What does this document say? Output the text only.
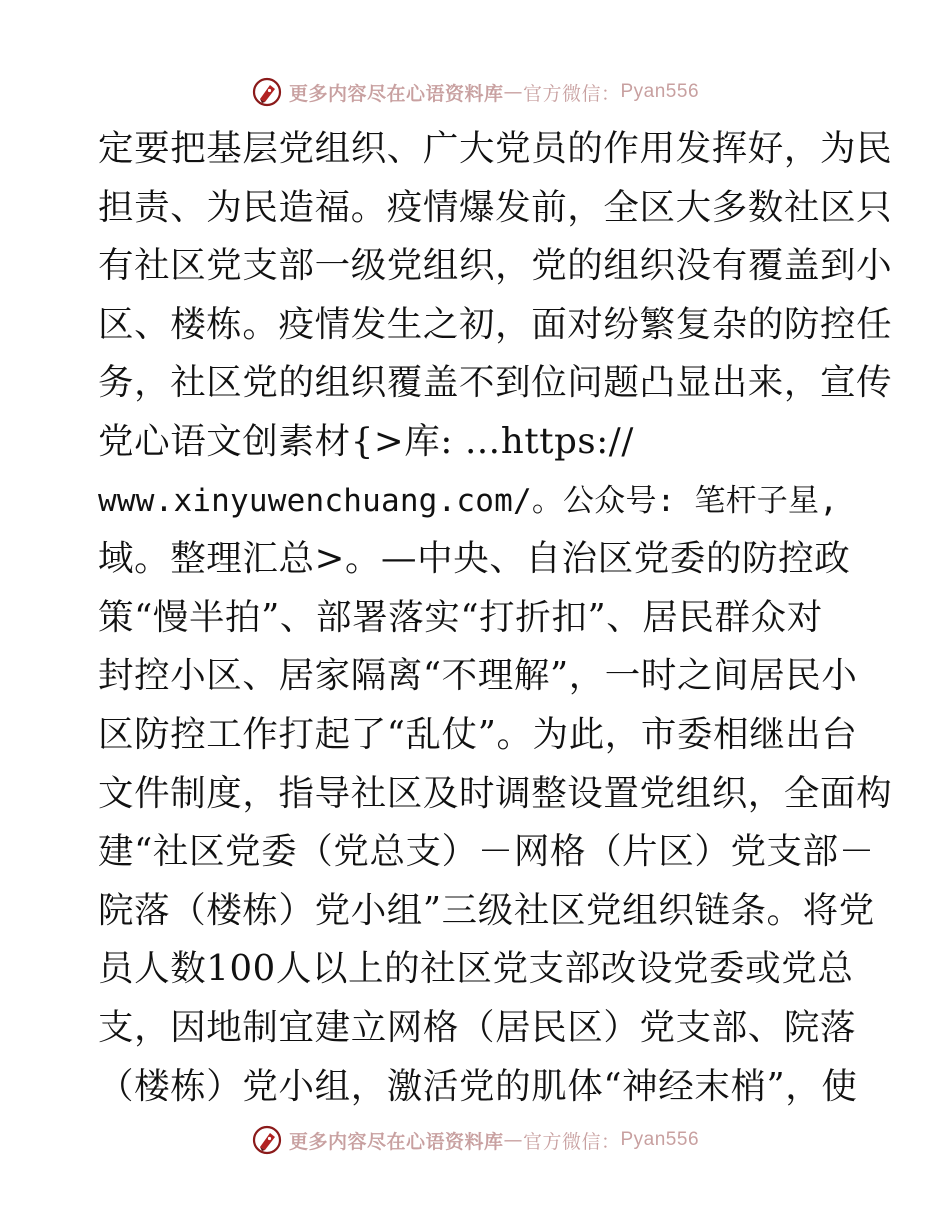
更多内容尽在心语资料库 — 官方微信： Pyan556
定要把基层党组织、广大党员的作用发挥好，为民
担责、为民造福。疫情爆发前，全区大多数社区只
有社区党支部一级党组织，党的组织没有覆盖到小
区、楼栋。疫情发生之初，面对纷繁复杂的防控任
务，社区党的组织覆盖不到位问题凸显出来，宣传
党心语文创素材{>库: …https://
www.xinyuwenchuang.com/。公众号: 笔杆子星,
域。整理汇总>。—中央、自治区党委的防控政
策“慢半拍”、部署落实“打折扣”、居民群众对
封控小区、居家隔离“不理解”，一时之间居民小
区防控工作打起了“乱仗”。为此，市委相继出台
文件制度，指导社区及时调整设置党组织，全面构
建“社区党委（党总支）－网格（片区）党支部－
院落（楼栋）党小组”三级社区党组织链条。将党
员人数100人以上的社区党支部改设党委或党总
支，因地制宜建立网格（居民区）党支部、院落
（楼栋）党小组，激活党的肌体“神经末梢”，使
更多内容尽在心语资料库 — 官方微信： Pyan556
